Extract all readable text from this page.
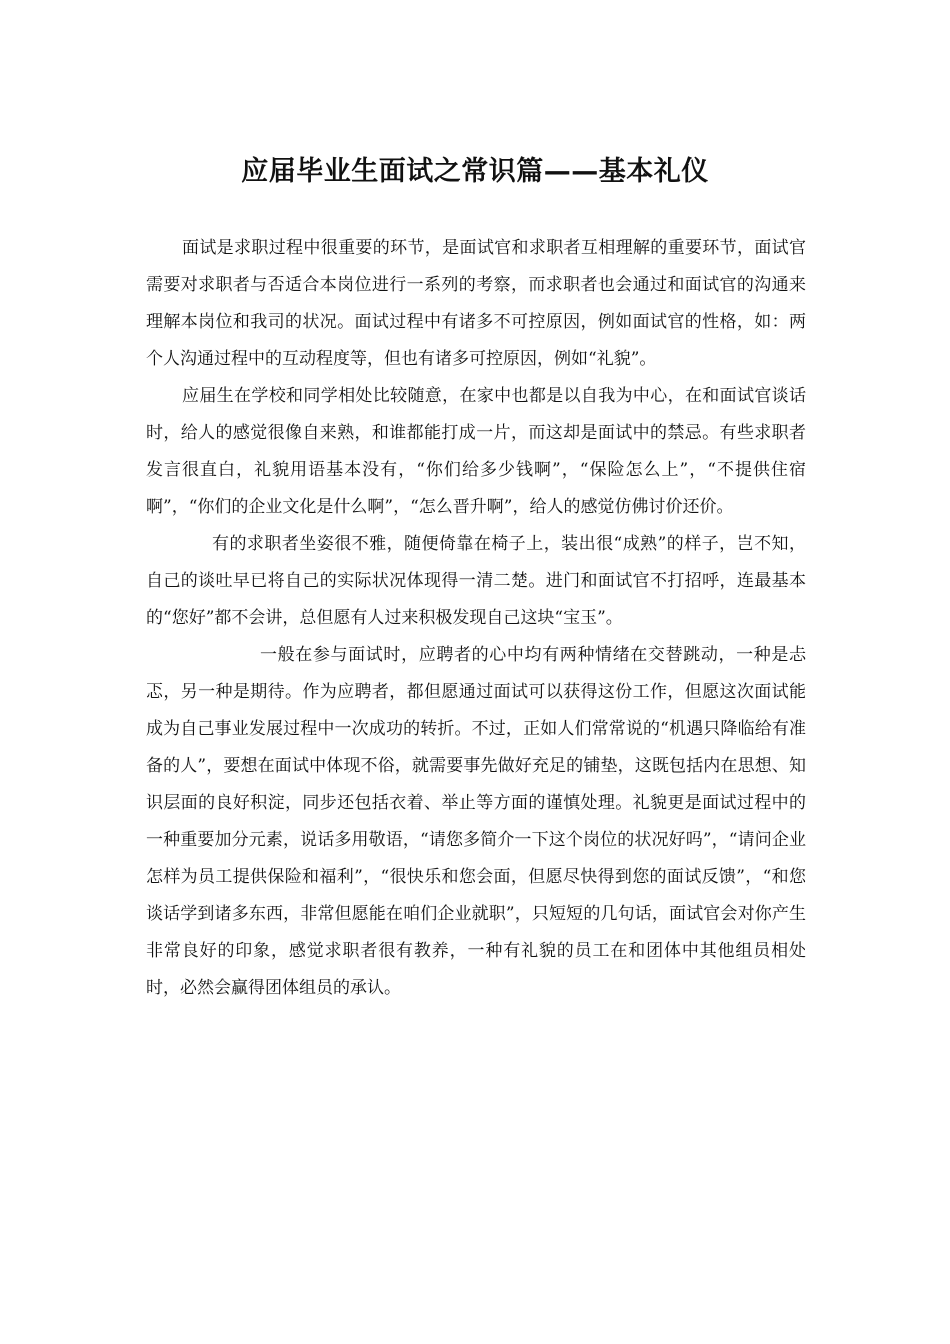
应届毕业生面试之常识篇——基本礼仪

面试是求职过程中很重要的环节，是面试官和求职者互相理解的重要环节，面试官需要对求职者与否适合本岗位进行一系列的考察，而求职者也会通过和面试官的沟通来理解本岗位和我司的状况。面试过程中有诸多不可控原因，例如面试官的性格，如：两个人沟通过程中的互动程度等，但也有诸多可控原因，例如“礼貌”。

应届生在学校和同学相处比较随意，在家中也都是以自我为中心，在和面试官谈话时，给人的感觉很像自来熟，和谁都能打成一片，而这却是面试中的禁忌。有些求职者发言很直白，礼貌用语基本没有，“你们给多少钱啊”，“保险怎么上”，“不提供住宿啊”，“你们的企业文化是什么啊”，“怎么晋升啊”，给人的感觉仿佛讨价还价。

有的求职者坐姿很不雅，随便倚靠在椅子上，装出很“成熟”的样子，岂不知，自己的谈吐早已将自己的实际状况体现得一清二楚。进门和面试官不打招呼，连最基本的“您好”都不会讲，总但愿有人过来积极发现自己这块“宝玉”。

一般在参与面试时，应聘者的心中均有两种情绪在交替跳动，一种是忐忑，另一种是期待。作为应聘者，都但愿通过面试可以获得这份工作，但愿这次面试能成为自己事业发展过程中一次成功的转折。不过，正如人们常常说的“机遇只降临给有准备的人”，要想在面试中体现不俗，就需要事先做好充足的铺垫，这既包括内在思想、知识层面的良好积淀，同步还包括衣着、举止等方面的谨慎处理。礼貌更是面试过程中的一种重要加分元素，说话多用敬语，“请您多简介一下这个岗位的状况好吗”，“请问企业怎样为员工提供保险和福利”，“很快乐和您会面，但愿尽快得到您的面试反馈”，“和您谈话学到诸多东西，非常但愿能在咱们企业就职”，只短短的几句话，面试官会对你产生非常良好的印象，感觉求职者很有教养，一种有礼貌的员工在和团体中其他组员相处时，必然会赢得团体组员的承认。
